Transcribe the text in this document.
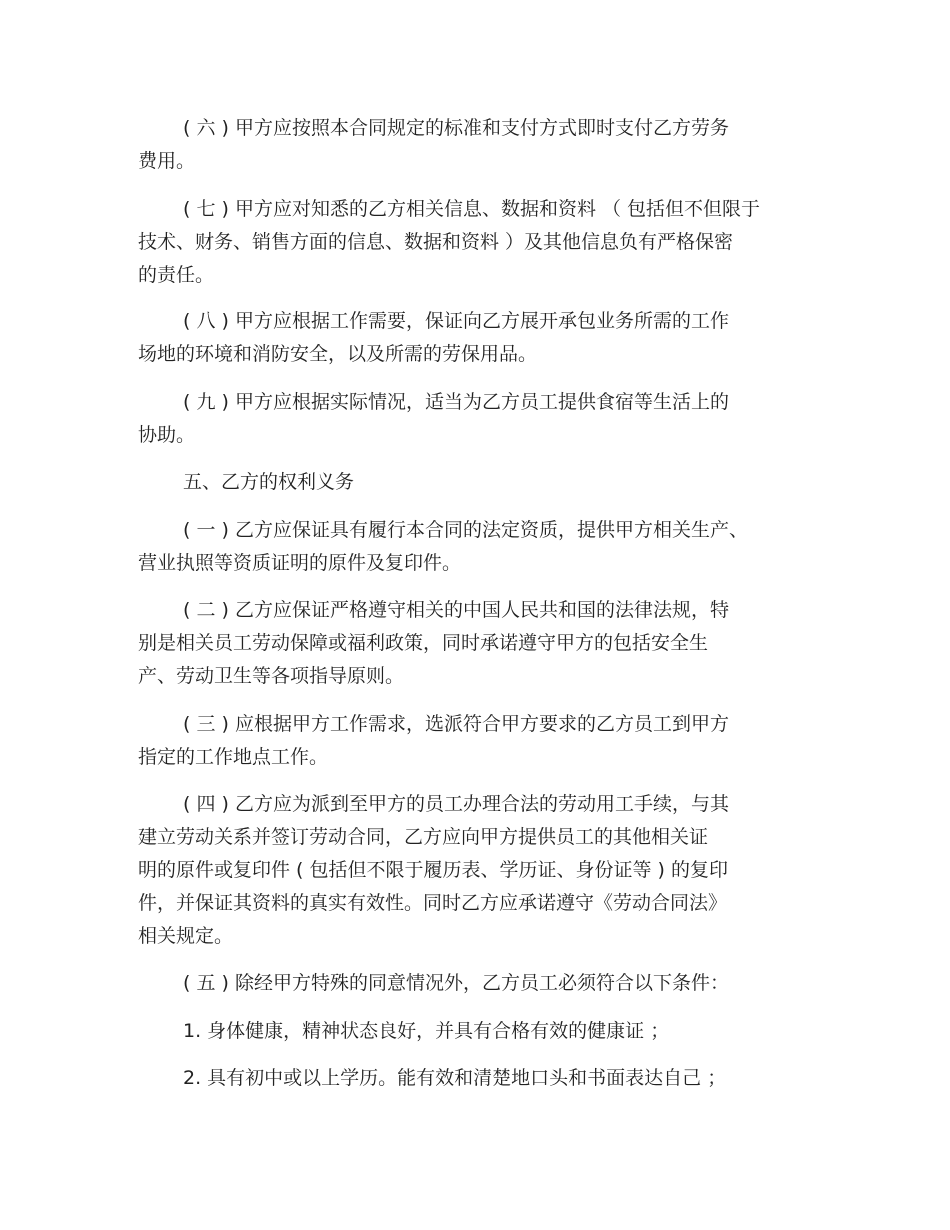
( 六 ) 甲方应按照本合同规定的标准和支付方式即时支付乙方劳务

费用。

( 七 ) 甲方应对知悉的乙方相关信息、数据和资料 （ 包括但不但限于

技术、财务、销售方面的信息、数据和资料 ）及其他信息负有严格保密

的责任。

( 八 ) 甲方应根据工作需要，保证向乙方展开承包业务所需的工作

场地的环境和消防安全，以及所需的劳保用品。

( 九 ) 甲方应根据实际情况，适当为乙方员工提供食宿等生活上的

协助。

五、乙方的权利义务

( 一 ) 乙方应保证具有履行本合同的法定资质，提供甲方相关生产、

营业执照等资质证明的原件及复印件。

( 二 ) 乙方应保证严格遵守相关的中国人民共和国的法律法规，特

别是相关员工劳动保障或福利政策，同时承诺遵守甲方的包括安全生

产、劳动卫生等各项指导原则。

( 三 ) 应根据甲方工作需求，选派符合甲方要求的乙方员工到甲方

指定的工作地点工作。

( 四 ) 乙方应为派到至甲方的员工办理合法的劳动用工手续，与其

建立劳动关系并签订劳动合同，乙方应向甲方提供员工的其他相关证

明的原件或复印件 ( 包括但不限于履历表、学历证、身份证等 ) 的复印

件，并保证其资料的真实有效性。同时乙方应承诺遵守《劳动合同法》

相关规定。

( 五 ) 除经甲方特殊的同意情况外，乙方员工必须符合以下条件：

1. 身体健康，精神状态良好，并具有合格有效的健康证 ；

2. 具有初中或以上学历。能有效和清楚地口头和书面表达自己 ；
